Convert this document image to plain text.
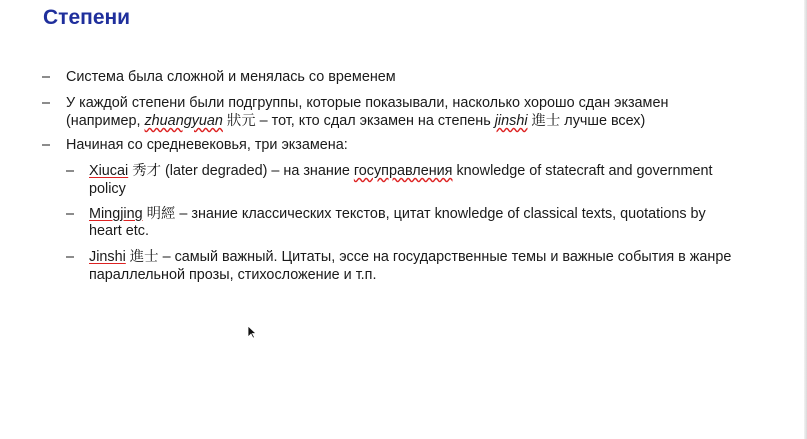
Степени
– Система была сложной и менялась со временем
– У каждой степени были подгруппы, которые показывали, насколько хорошо сдан экзамен
(например, zhuangyuan 狀元 – тот, кто сдал экзамен на степень jinshi 進士 лучше всех)
– Начиная со средневековья, три экзамена:
– Xiucai 秀才 (later degraded) – на знание госуправления knowledge of statecraft and government
policy
– Mingjing 明經 – знание классических текстов, цитат knowledge of classical texts, quotations by
heart etc.
– Jinshi 進士 – самый важный. Цитаты, эссе на государственные темы и важные события в жанре
параллельной прозы, стихосложение и т.п.
